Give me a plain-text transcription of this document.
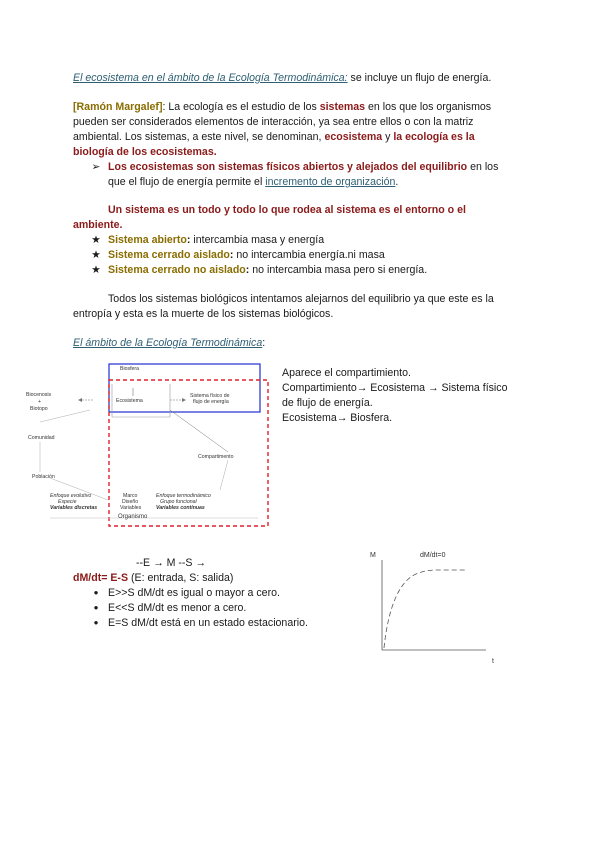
El ecosistema en el ámbito de la Ecología Termodinámica: se incluye un flujo de energía.
[Ramón Margalef]: La ecología es el estudio de los sistemas en los que los organismos
pueden ser considerados elementos de interacción, ya sea entre ellos o con la matriz
ambiental. Los sistemas, a este nivel, se denominan, ecosistema y la ecología es la
biología de los ecosistemas.
➢ Los ecosistemas son sistemas físicos abiertos y alejados del equilibrio en los
que el flujo de energía permite el incremento de organización.
Un sistema es un todo y todo lo que rodea al sistema es el entorno o el
ambiente.
★ Sistema abierto: intercambia masa y energía
★ Sistema cerrado aislado: no intercambia energía.ni masa
★ Sistema cerrado no aislado: no intercambia masa pero si energía.
Todos los sistemas biológicos intentamos alejarnos del equilibrio ya que este es la
entropía y esta es la muerte de los sistemas biológicos.
El ámbito de la Ecología Termodinámica:
Biosfera
Ecosistema
Sistema físico de
flujo de energía
Biocenosis
+
Biotopo
Comunidad
Compartimento
Población
Enfoque evolutivo
Especie
Variables discretas
Marco
Diseño
Variables
Organismo
Enfoque termodinámico
Grupo funcional
Variables continuas
Aparece el compartimiento.
Compartimiento→ Ecosistema → Sistema físico
de flujo de energía.
Ecosistema→ Biosfera.
--E → M --S →
dM/dt= E-S (E: entrada, S: salida)
● E>>S dM/dt es igual o mayor a cero.
● E<<S dM/dt es menor a cero.
● E=S dM/dt está en un estado estacionario.
M	dM/dt=0
t
